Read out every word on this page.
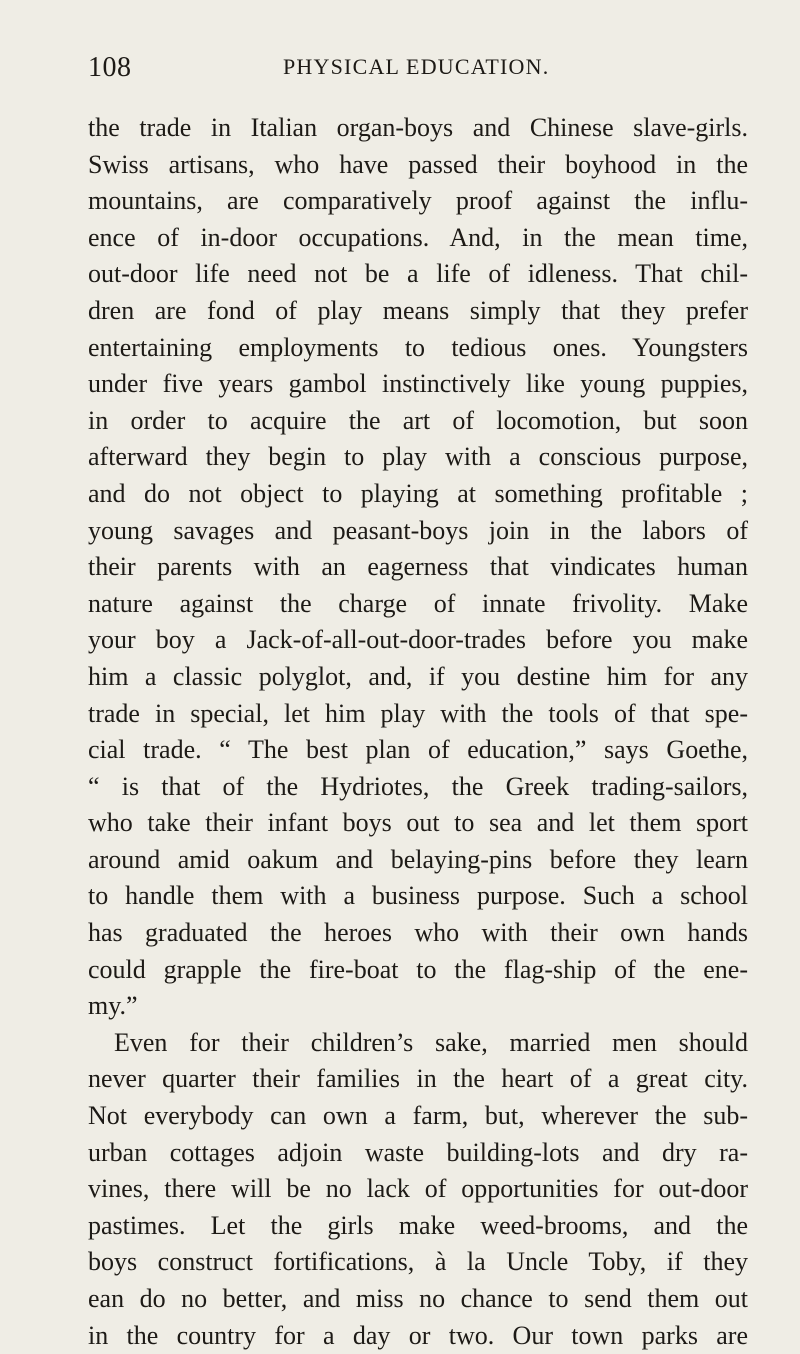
108	PHYSICAL EDUCATION.
the trade in Italian organ-boys and Chinese slave-girls.
Swiss artisans, who have passed their boyhood in the
mountains, are comparatively proof against the influ-
ence of in-door occupations. And, in the mean time,
out-door life need not be a life of idleness. That chil-
dren are fond of play means simply that they prefer
entertaining employments to tedious ones. Youngsters
under five years gambol instinctively like young puppies,
in order to acquire the art of locomotion, but soon
afterward they begin to play with a conscious purpose,
and do not object to playing at something profitable ;
young savages and peasant-boys join in the labors of
their parents with an eagerness that vindicates human
nature against the charge of innate frivolity. Make
your boy a Jack-of-all-out-door-trades before you make
him a classic polyglot, and, if you destine him for any
trade in special, let him play with the tools of that spe-
cial trade. “ The best plan of education,” says Goethe,
“ is that of the Hydriotes, the Greek trading-sailors,
who take their infant boys out to sea and let them sport
around amid oakum and belaying-pins before they learn
to handle them with a business purpose. Such a school
has graduated the heroes who with their own hands
could grapple the fire-boat to the flag-ship of the ene-
my.”
Even for their children’s sake, married men should
never quarter their families in the heart of a great city.
Not everybody can own a farm, but, wherever the sub-
urban cottages adjoin waste building-lots and dry ra-
vines, there will be no lack of opportunities for out-door
pastimes. Let the girls make weed-brooms, and the
boys construct fortifications, à la Uncle Toby, if they
ean do no better, and miss no chance to send them out
in the country for a day or two. Our town parks are
